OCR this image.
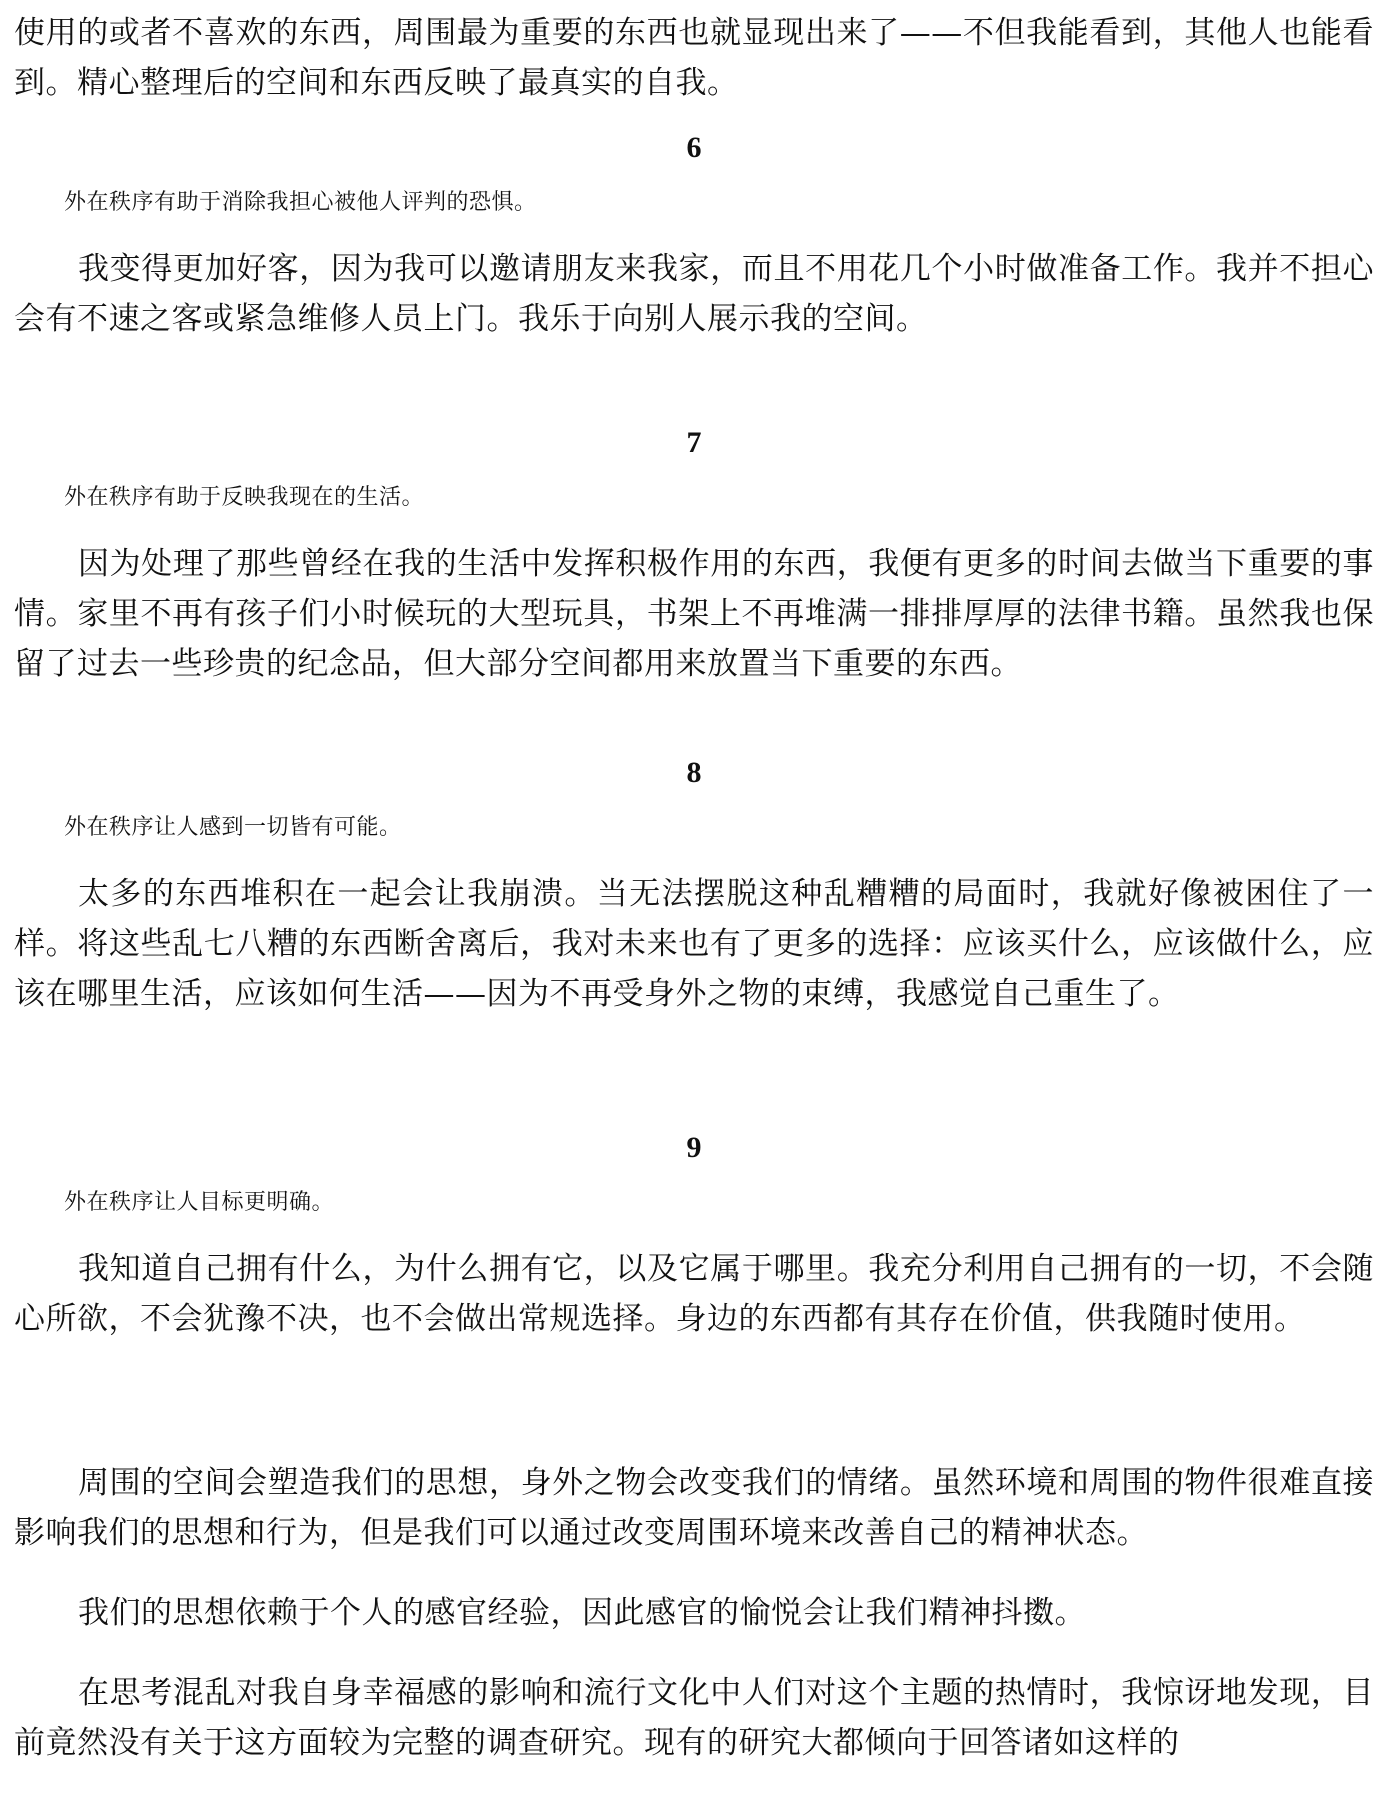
使用的或者不喜欢的东西，周围最为重要的东西也就显现出来了——不但我能看到，其他人也能看到。精心整理后的空间和东西反映了最真实的自我。

6

外在秩序有助于消除我担心被他人评判的恐惧。

我变得更加好客，因为我可以邀请朋友来我家，而且不用花几个小时做准备工作。我并不担心会有不速之客或紧急维修人员上门。我乐于向别人展示我的空间。

7

外在秩序有助于反映我现在的生活。

因为处理了那些曾经在我的生活中发挥积极作用的东西，我便有更多的时间去做当下重要的事情。家里不再有孩子们小时候玩的大型玩具，书架上不再堆满一排排厚厚的法律书籍。虽然我也保留了过去一些珍贵的纪念品，但大部分空间都用来放置当下重要的东西。

8

外在秩序让人感到一切皆有可能。

太多的东西堆积在一起会让我崩溃。当无法摆脱这种乱糟糟的局面时，我就好像被困住了一样。将这些乱七八糟的东西断舍离后，我对未来也有了更多的选择：应该买什么，应该做什么，应该在哪里生活，应该如何生活——因为不再受身外之物的束缚，我感觉自己重生了。

9

外在秩序让人目标更明确。

我知道自己拥有什么，为什么拥有它，以及它属于哪里。我充分利用自己拥有的一切，不会随心所欲，不会犹豫不决，也不会做出常规选择。身边的东西都有其存在价值，供我随时使用。

周围的空间会塑造我们的思想，身外之物会改变我们的情绪。虽然环境和周围的物件很难直接影响我们的思想和行为，但是我们可以通过改变周围环境来改善自己的精神状态。

我们的思想依赖于个人的感官经验，因此感官的愉悦会让我们精神抖擞。

在思考混乱对我自身幸福感的影响和流行文化中人们对这个主题的热情时，我惊讶地发现，目前竟然没有关于这方面较为完整的调查研究。现有的研究大都倾向于回答诸如这样的
